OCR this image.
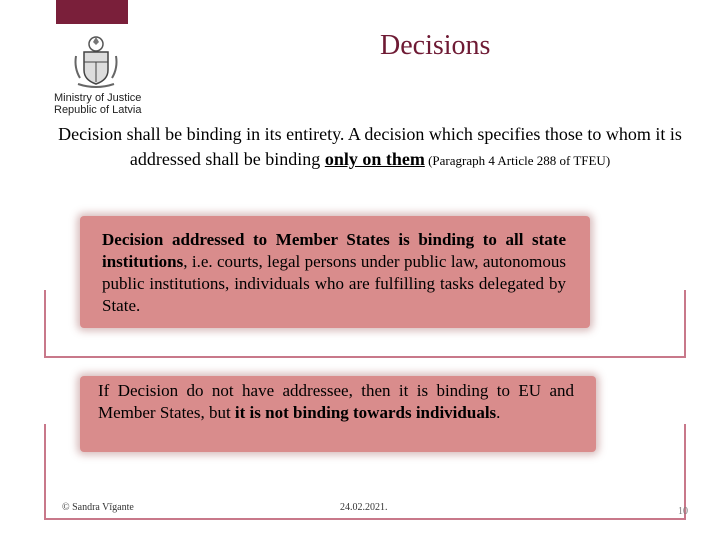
Ministry of Justice
Republic of Latvia
Decisions
Decision shall be binding in its entirety. A decision which specifies those to whom it is addressed shall be binding only on them (Paragraph 4 Article 288 of TFEU)
Decision addressed to Member States is binding to all state institutions, i.e. courts, legal persons under public law, autonomous public institutions, individuals who are fulfilling tasks delegated by State.
If Decision do not have addressee, then it is binding to EU and Member States, but it is not binding towards individuals.
© Sandra Vīgante	24.02.2021.	10
